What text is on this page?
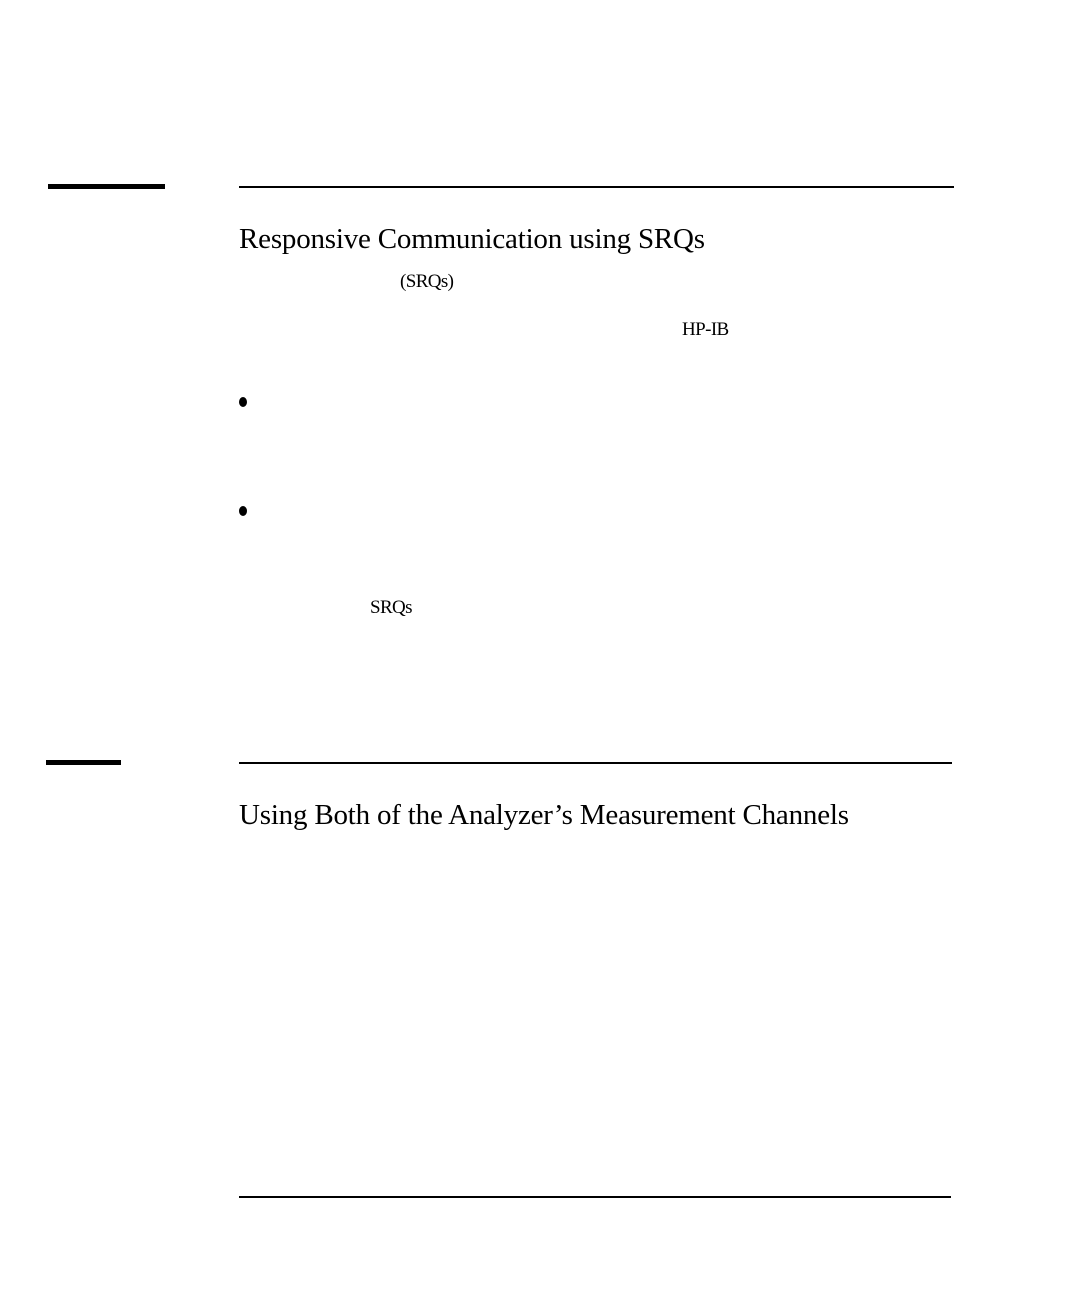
Responsive Communication using SRQs
(SRQs)
HP-IB
SRQs
Using Both of the Analyzer’s Measurement Channels
